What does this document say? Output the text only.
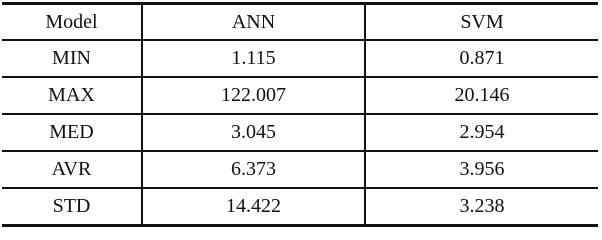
Model	ANN	SVM
MIN	1.115	0.871
MAX	122.007	20.146
MED	3.045	2.954
AVR	6.373	3.956
STD	14.422	3.238
